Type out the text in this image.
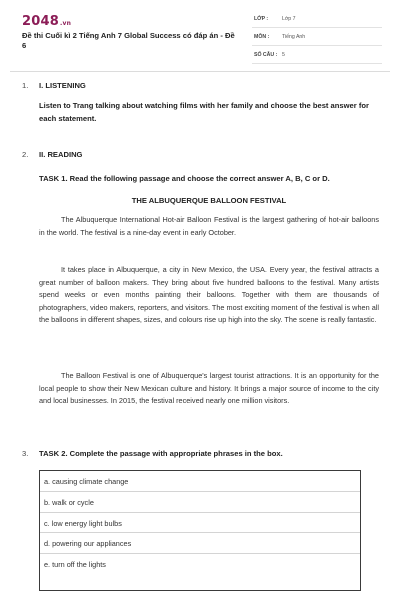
2048.vn
Đề thi Cuối kì 2 Tiếng Anh 7 Global Success có đáp án - Đề 6
LỚP :	Lớp 7
MÔN : Tiếng Anh
SỐ CÂU : 5
1. I. LISTENING
Listen to Trang talking about watching films with her family and choose the best answer for each statement.
2. II. READING
TASK 1. Read the following passage and choose the correct answer A, B, C or D.
THE ALBUQUERQUE BALLOON FESTIVAL
The Albuquerque International Hot-air Balloon Festival is the largest gathering of hot-air balloons in the world. The festival is a nine-day event in early October.
It takes place in Albuquerque, a city in New Mexico, the USA. Every year, the festival attracts a great number of balloon makers. They bring about five hundred balloons to the festival. Many artists spend weeks or even months painting their balloons. Together with them are thousands of photographers, video makers, reporters, and visitors. The most exciting moment of the festival is when all the balloons in different shapes, sizes, and colours rise up high into the sky. The scene is really fantastic.
The Balloon Festival is one of Albuquerque's largest tourist attractions. It is an opportunity for the local people to show their New Mexican culture and history. It brings a major source of income to the city and local businesses. In 2015, the festival received nearly one million visitors.
3. TASK 2. Complete the passage with appropriate phrases in the box.
a. causing climate change
b. walk or cycle
c. low energy light bulbs
d. powering our appliances
e. turn off the lights
